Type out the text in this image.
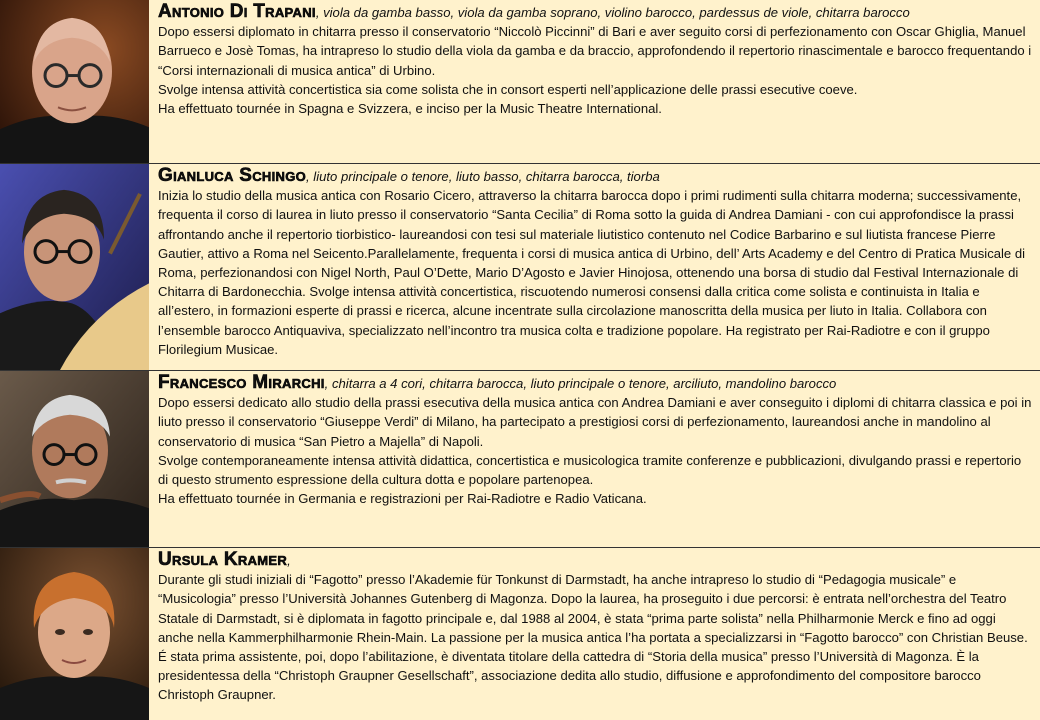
Antonio Di Trapani, viola da gamba basso, viola da gamba soprano, violino barocco, pardessus de viole, chitarra barocco

Dopo essersi diplomato in chitarra presso il conservatorio “Niccolò Piccinni” di Bari e aver seguito corsi di perfezionamento con Oscar Ghiglia, Manuel Barrueco e Josè Tomas, ha intrapreso lo studio della viola da gamba e da braccio, approfondendo il repertorio rinascimentale e barocco frequentando i “Corsi internazionali di musica antica” di Urbino.

Svolge intensa attività concertistica sia come solista che in consort esperti nell’applicazione delle prassi esecutive coeve.

Ha effettuato tournée in Spagna e Svizzera, e inciso per la Music Theatre International.

Gianluca Schingo, liuto principale o tenore, liuto basso, chitarra barocca, tiorba

Inizia lo studio della musica antica con Rosario Cicero, attraverso la chitarra barocca dopo i primi rudimenti sulla chitarra moderna; successivamente, frequenta il corso di laurea in liuto presso il conservatorio “Santa Cecilia” di Roma sotto la guida di Andrea Damiani - con cui approfondisce la prassi affrontando anche il repertorio tiorbistico- laureandosi con tesi sul materiale liutistico contenuto nel Codice Barbarino e sul liutista francese Pierre Gautier, attivo a Roma nel Seicento.Parallelamente, frequenta i corsi di musica antica di Urbino, dell’ Arts Academy e del Centro di Pratica Musicale di Roma, perfezionandosi con Nigel North, Paul O’Dette, Mario D’Agosto e Javier Hinojosa, ottenendo una borsa di studio dal Festival Internazionale di Chitarra di Bardonecchia. Svolge intensa attività concertistica, riscuotendo numerosi consensi dalla critica come solista e continuista in Italia e all’estero, in formazioni esperte di prassi e ricerca, alcune incentrate sulla circolazione manoscritta della musica per liuto in Italia. Collabora con l’ensemble barocco Antiquaviva, specializzato nell’incontro tra musica colta e tradizione popolare. Ha registrato per Rai-Radiotre e con il gruppo Florilegium Musicae.

Francesco Mirarchi, chitarra a 4 cori, chitarra barocca, liuto principale o tenore, arciliuto, mandolino barocco

Dopo essersi dedicato allo studio della prassi esecutiva della musica antica con Andrea Damiani e aver conseguito i diplomi di chitarra classica e poi in liuto presso il conservatorio “Giuseppe Verdi” di Milano, ha partecipato a prestigiosi corsi di perfezionamento, laureandosi anche in mandolino al conservatorio di musica “San Pietro a Majella” di Napoli.

Svolge contemporaneamente intensa attività didattica, concertistica e musicologica tramite conferenze e pubblicazioni, divulgando prassi e repertorio di questo strumento espressione della cultura dotta e popolare partenopea.

Ha effettuato tournée in Germania e registrazioni per Rai-Radiotre e Radio Vaticana.

Ursula Kramer,

Durante gli studi iniziali di “Fagotto” presso l’Akademie für Tonkunst di Darmstadt, ha anche intrapreso lo studio di “Pedagogia musicale” e “Musicologia” presso l’Università Johannes Gutenberg di Magonza. Dopo la laurea, ha proseguito i due percorsi: è entrata nell’orchestra del Teatro Statale di Darmstadt, si è diplomata in fagotto principale e, dal 1988 al 2004, è stata “prima parte solista” nella Philharmonie Merck e fino ad oggi anche nella Kammerphilharmonie Rhein-Main. La passione per la musica antica l’ha portata a specializzarsi in “Fagotto barocco” con Christian Beuse. É stata prima assistente, poi, dopo l’abilitazione, è diventata titolare della cattedra di “Storia della musica” presso l’Università di Magonza. È la presidentessa della “Christoph Graupner Gesellschaft”, associazione dedita allo studio, diffusione e approfondimento del compositore barocco Christoph Graupner.
